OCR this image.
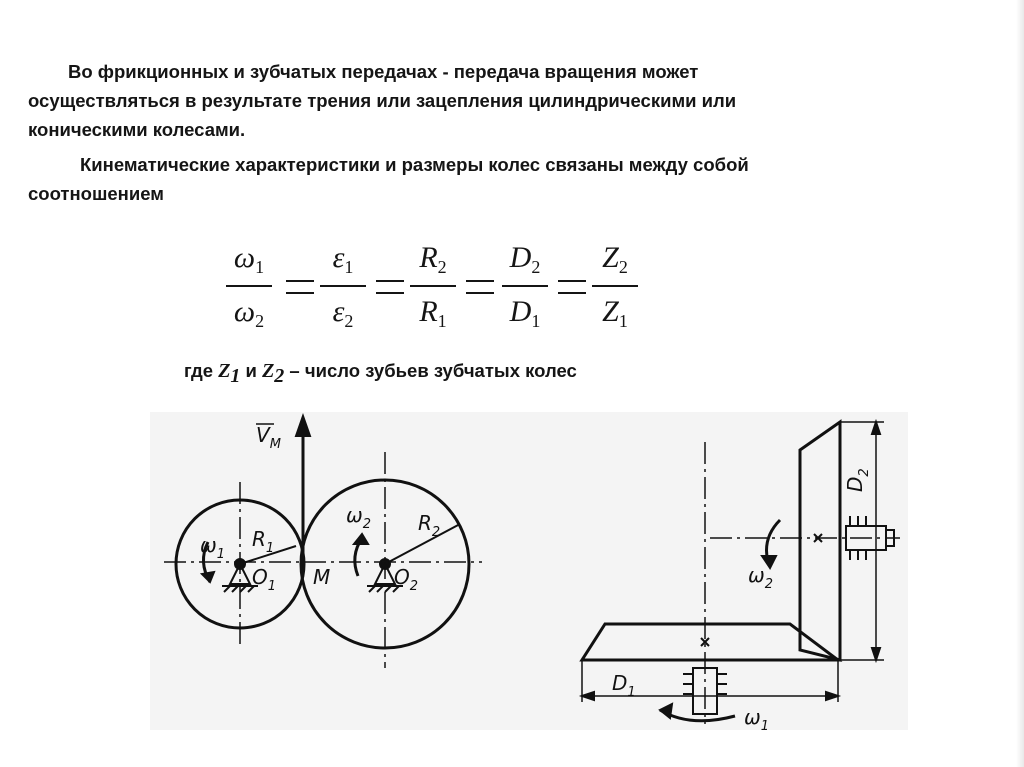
Во фрикционных и зубчатых передачах - передача вращения может
осуществляться в результате трения или зацепления цилиндрическими или
коническими колесами.
Кинематические характеристики и размеры колес связаны между собой
соотношением
$\omega_1$
$\omega_2$
$\varepsilon_1$
$\varepsilon_2$
$R_2$
$R_1$
$D_2$
$D_1$
$Z_2$
$Z_1$
где $Z_1$ и $Z_2$ – число зубьев зубчатых колес
$V_M$
$\omega_1$
$R_1$
$O_1$ M
$\omega_2$ $R_2$
$O_2$
$D_2$
$\omega_2$
$D_1$
$\omega_1$
